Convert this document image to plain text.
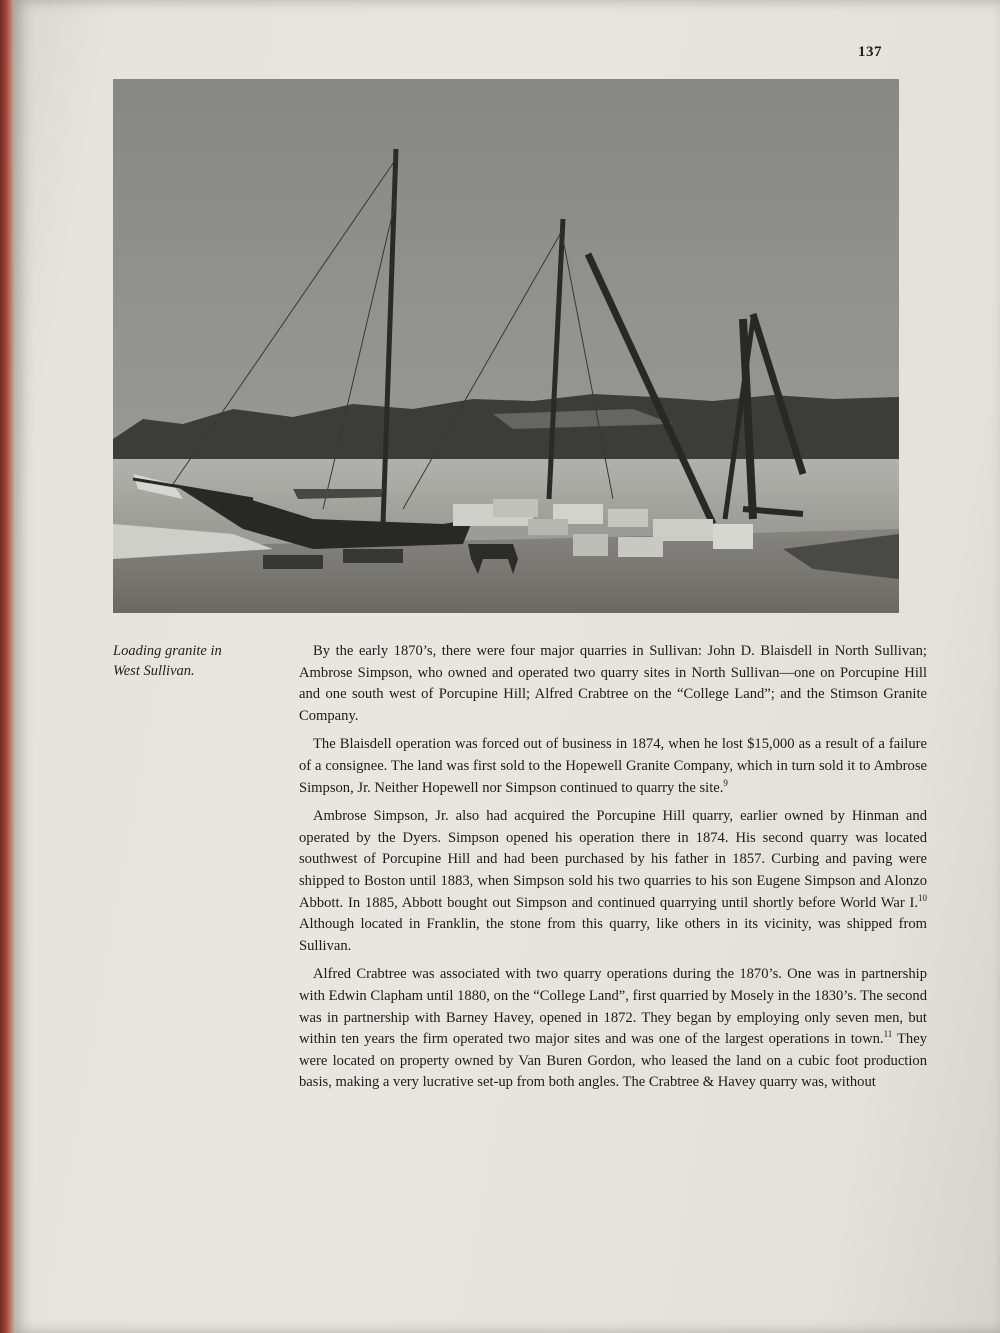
137
Loading granite in
West Sullivan.

By the early 1870’s, there were four major quarries in Sullivan: John D. Blaisdell in North Sullivan; Ambrose Simpson, who owned and operated two quarry sites in North Sullivan—one on Porcupine Hill and one south west of Porcupine Hill; Alfred Crabtree on the “College Land”; and the Stimson Granite Company.

The Blaisdell operation was forced out of business in 1874, when he lost $15,000 as a result of a failure of a consignee. The land was first sold to the Hopewell Granite Company, which in turn sold it to Ambrose Simpson, Jr. Neither Hopewell nor Simpson continued to quarry the site.$^9$

Ambrose Simpson, Jr. also had acquired the Porcupine Hill quarry, earlier owned by Hinman and operated by the Dyers. Simpson opened his operation there in 1874. His second quarry was located southwest of Porcupine Hill and had been purchased by his father in 1857. Curbing and paving were shipped to Boston until 1883, when Simpson sold his two quarries to his son Eugene Simpson and Alonzo Abbott. In 1885, Abbott bought out Simpson and continued quarrying until shortly before World War I.$^{10}$ Although located in Franklin, the stone from this quarry, like others in its vicinity, was shipped from Sullivan.

Alfred Crabtree was associated with two quarry operations during the 1870’s. One was in partnership with Edwin Clapham until 1880, on the “College Land”, first quarried by Mosely in the 1830’s. The second was in partnership with Barney Havey, opened in 1872. They began by employing only seven men, but within ten years the firm operated two major sites and was one of the largest operations in town.$^{11}$ They were located on property owned by Van Buren Gordon, who leased the land on a cubic foot production basis, making a very lucrative set-up from both angles. The Crabtree & Havey quarry was, without
